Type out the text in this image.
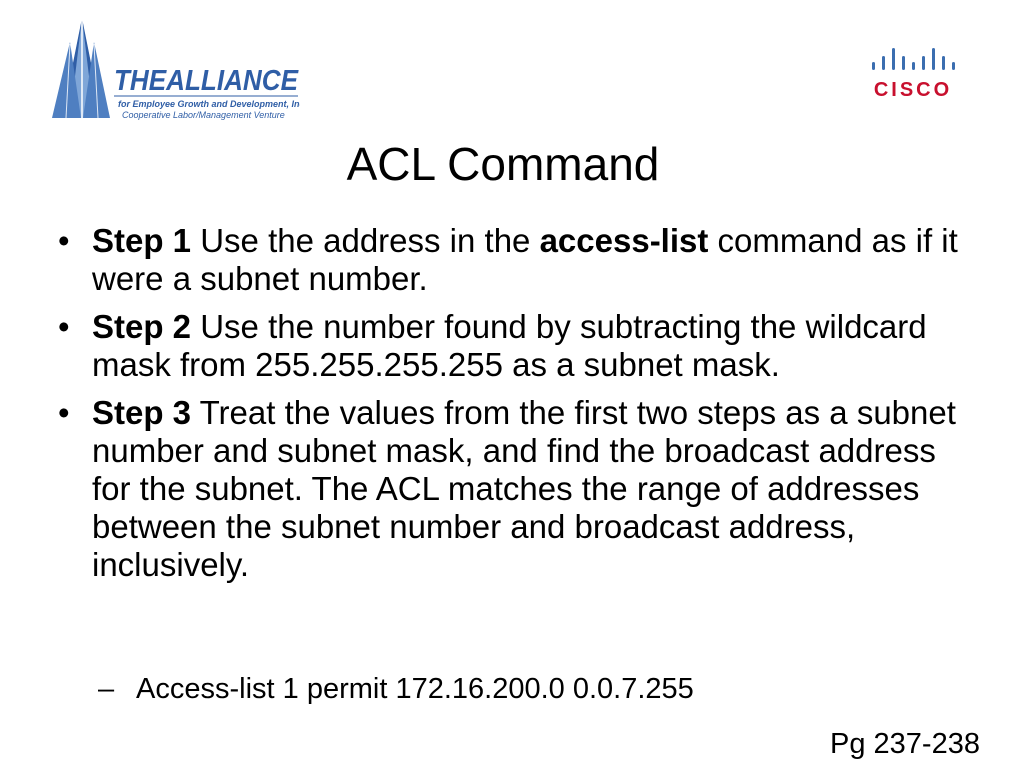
THEALLIANCE
for Employee Growth and Development, Inc.
Cooperative Labor/Management Venture
CISCO
ACL Command
• Step 1 Use the address in the access-list command as if it were a subnet number.
• Step 2 Use the number found by subtracting the wildcard mask from 255.255.255.255 as a subnet mask.
• Step 3 Treat the values from the first two steps as a subnet number and subnet mask, and find the broadcast address for the subnet. The ACL matches the range of addresses between the subnet number and broadcast address, inclusively.
– Access-list 1 permit 172.16.200.0 0.0.7.255
Pg 237-238
